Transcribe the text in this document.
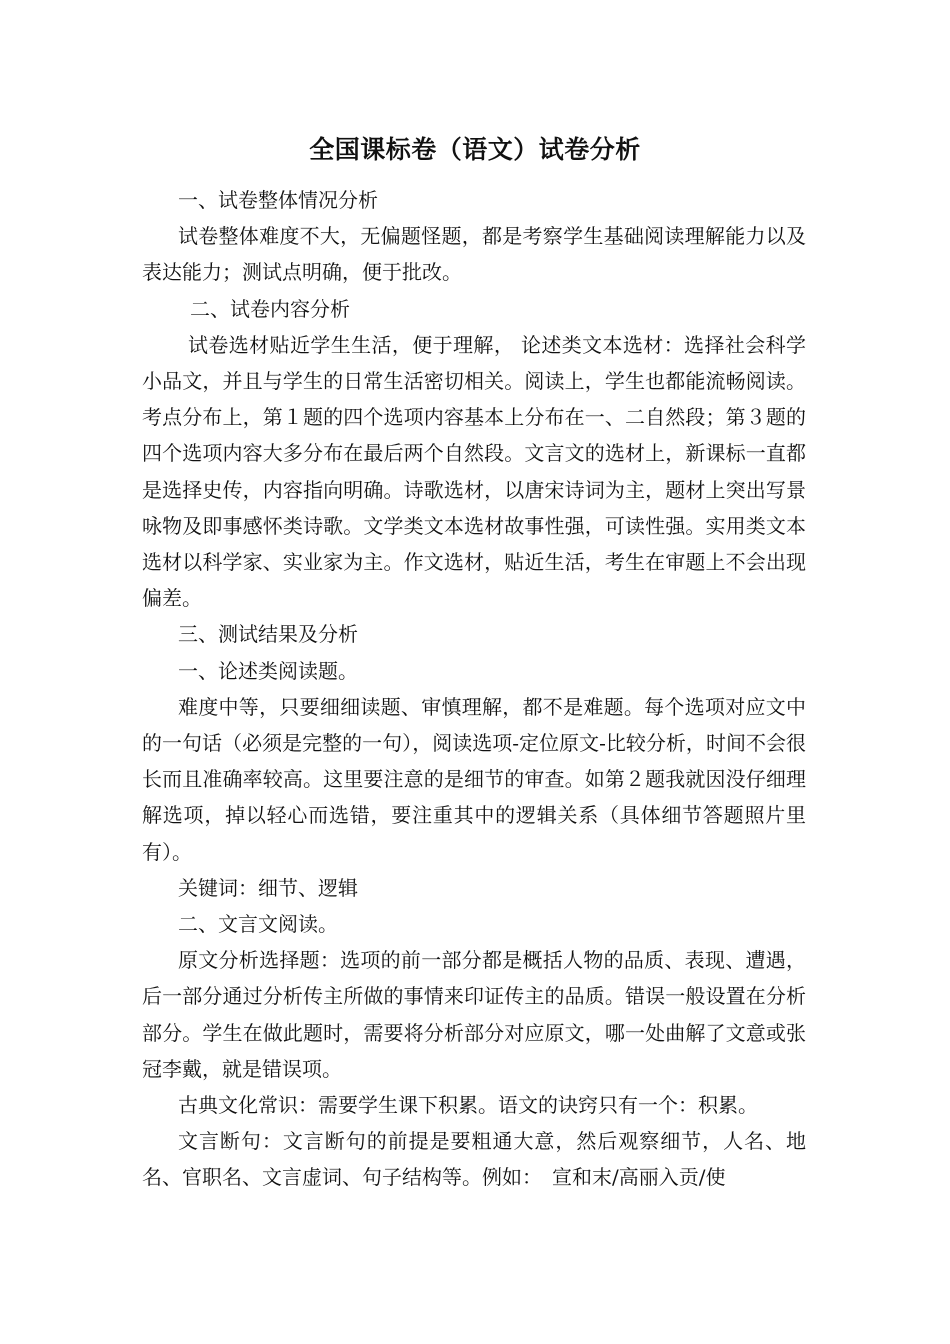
全国课标卷（语文）试卷分析

一、试卷整体情况分析

试卷整体难度不大，无偏题怪题，都是考察学生基础阅读理解能力以及表达能力；测试点明确，便于批改。

二、试卷内容分析

试卷选材贴近学生生活，便于理解， 论述类文本选材：选择社会科学小品文，并且与学生的日常生活密切相关。阅读上，学生也都能流畅阅读。考点分布上，第１题的四个选项内容基本上分布在一、二自然段；第３题的四个选项内容大多分布在最后两个自然段。文言文的选材上，新课标一直都是选择史传，内容指向明确。诗歌选材，以唐宋诗词为主，题材上突出写景咏物及即事感怀类诗歌。文学类文本选材故事性强，可读性强。实用类文本选材以科学家、实业家为主。作文选材，贴近生活，考生在审题上不会出现偏差。

三、测试结果及分析

一、论述类阅读题。

难度中等，只要细细读题、审慎理解，都不是难题。每个选项对应文中的一句话（必须是完整的一句），阅读选项-定位原文-比较分析，时间不会很长而且准确率较高。这里要注意的是细节的审查。如第２题我就因没仔细理解选项，掉以轻心而选错，要注重其中的逻辑关系（具体细节答题照片里有）。

关键词：细节、逻辑

二、文言文阅读。

原文分析选择题：选项的前一部分都是概括人物的品质、表现、遭遇，后一部分通过分析传主所做的事情来印证传主的品质。错误一般设置在分析部分。学生在做此题时，需要将分析部分对应原文，哪一处曲解了文意或张冠李戴，就是错误项。

古典文化常识：需要学生课下积累。语文的诀窍只有一个：积累。

文言断句：文言断句的前提是要粗通大意，然后观察细节，人名、地名、官职名、文言虚词、句子结构等。例如：　宣和末/高丽入贡/使
